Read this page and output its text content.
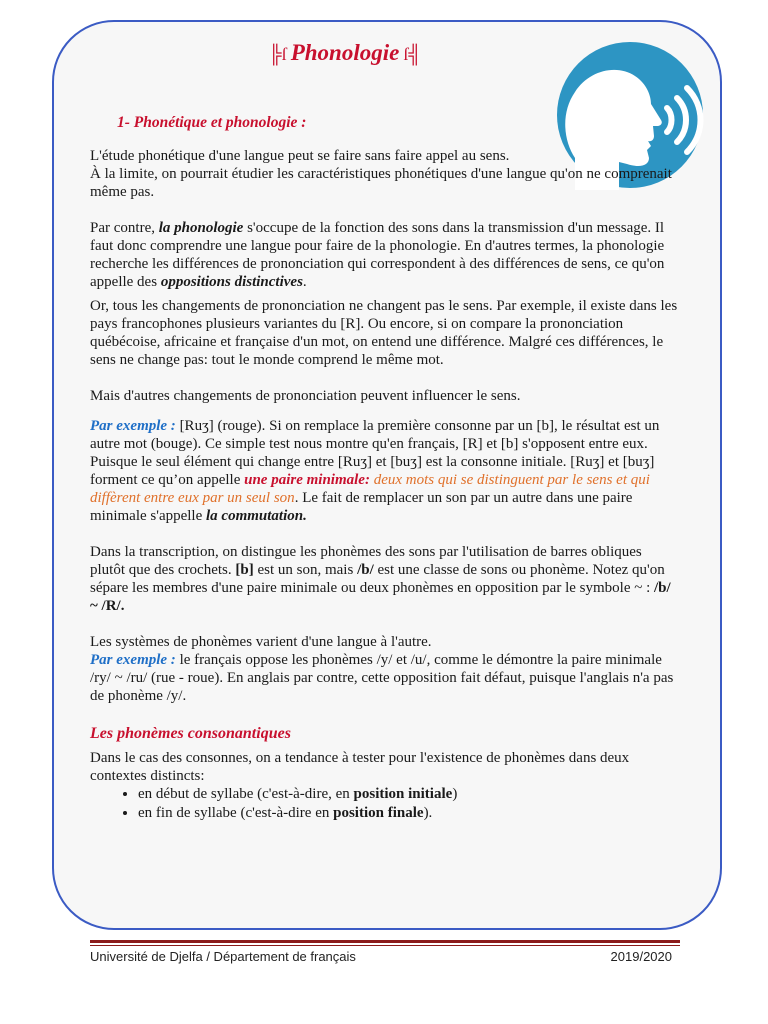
╠ſ Phonologie ſ╣
1- Phonétique et phonologie :

L'étude phonétique d'une langue peut se faire sans faire appel au sens.
À la limite, on pourrait étudier les caractéristiques phonétiques d'une langue qu'on ne comprenait même pas.

Par contre, la phonologie s'occupe de la fonction des sons dans la transmission d'un message. Il faut donc comprendre une langue pour faire de la phonologie. En d'autres termes, la phonologie recherche les différences de prononciation qui correspondent à des différences de sens, ce qu'on appelle des oppositions distinctives.

Or, tous les changements de prononciation ne changent pas le sens. Par exemple, il existe dans les pays francophones plusieurs variantes du [R]. Ou encore, si on compare la prononciation québécoise, africaine et française d'un mot, on entend une différence. Malgré ces différences, le sens ne change pas: tout le monde comprend le même mot.

Mais d'autres changements de prononciation peuvent influencer le sens.

Par exemple : [Ruʒ] (rouge). Si on remplace la première consonne par un [b], le résultat est un autre mot (bouge). Ce simple test nous montre qu'en français, [R] et [b] s'opposent entre eux. Puisque le seul élément qui change entre [Ruʒ] et [buʒ] est la consonne initiale. [Ruʒ] et [buʒ] forment ce qu’on appelle une paire minimale: deux mots qui se distinguent par le sens et qui diffèrent entre eux par un seul son. Le fait de remplacer un son par un autre dans une paire minimale s'appelle la commutation.

Dans la transcription, on distingue les phonèmes des sons par l'utilisation de barres obliques plutôt que des crochets. [b] est un son, mais /b/ est une classe de sons ou phonème. Notez qu'on sépare les membres d'une paire minimale ou deux phonèmes en opposition par le symbole ~ : /b/ ~ /R/.

Les systèmes de phonèmes varient d'une langue à l'autre.
Par exemple : le français oppose les phonèmes /y/ et /u/, comme le démontre la paire minimale /ry/ ~ /ru/ (rue - roue). En anglais par contre, cette opposition fait défaut, puisque l'anglais n'a pas de phonème /y/.

Les phonèmes consonantiques

Dans le cas des consonnes, on a tendance à tester pour l'existence de phonèmes dans deux contextes distincts:

• en début de syllabe (c'est-à-dire, en position initiale)
• en fin de syllabe (c'est-à-dire en position finale).
Université de Djelfa / Département de français	2019/2020
